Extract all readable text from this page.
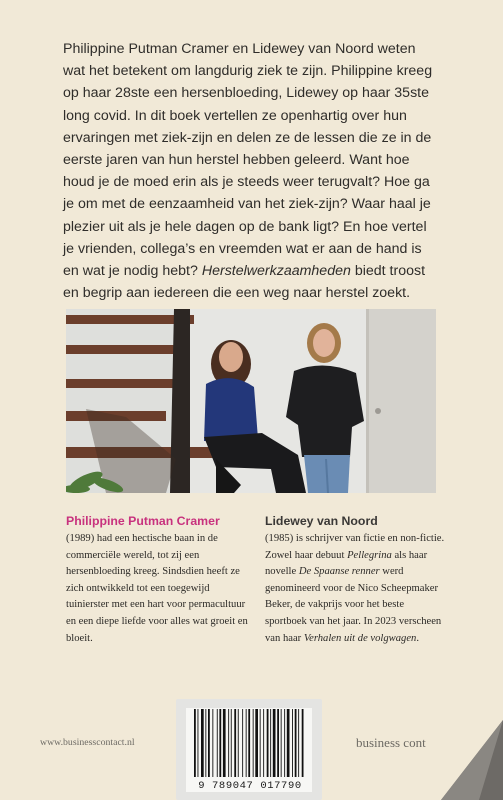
Philippine Putman Cramer en Lidewey van Noord weten wat het betekent om langdurig ziek te zijn. Philippine kreeg op haar 28ste een hersenbloeding, Lidewey op haar 35ste long covid. In dit boek vertellen ze openhartig over hun ervaringen met ziek-zijn en delen ze de lessen die ze in de eerste jaren van hun herstel hebben geleerd. Want hoe houd je de moed erin als je steeds weer terugvalt? Hoe ga je om met de eenzaamheid van het ziek-zijn? Waar haal je plezier uit als je hele dagen op de bank ligt? En hoe vertel je vrienden, collega’s en vreemden wat er aan de hand is en wat je nodig hebt? Herstelwerkzaamheden biedt troost en begrip aan iedereen die een weg naar herstel zoekt.

Philippine Putman Cramer

(1989) had een hectische baan in de commerciële wereld, tot zij een hersenbloeding kreeg. Sindsdien heeft ze zich ontwikkeld tot een toegewijd tuinierster met een hart voor permacultuur en een diepe liefde voor alles wat groeit en bloeit.

Lidewey van Noord

(1985) is schrijver van fictie en non-fictie. Zowel haar debuut Pellegrina als haar novelle De Spaanse renner werd genomineerd voor de Nico Scheepmaker Beker, de vakprijs voor het beste sportboek van het jaar. In 2023 verscheen van haar Verhalen uit de volgwagen.

www.businesscontact.nl	business cont
9 789047 017790
